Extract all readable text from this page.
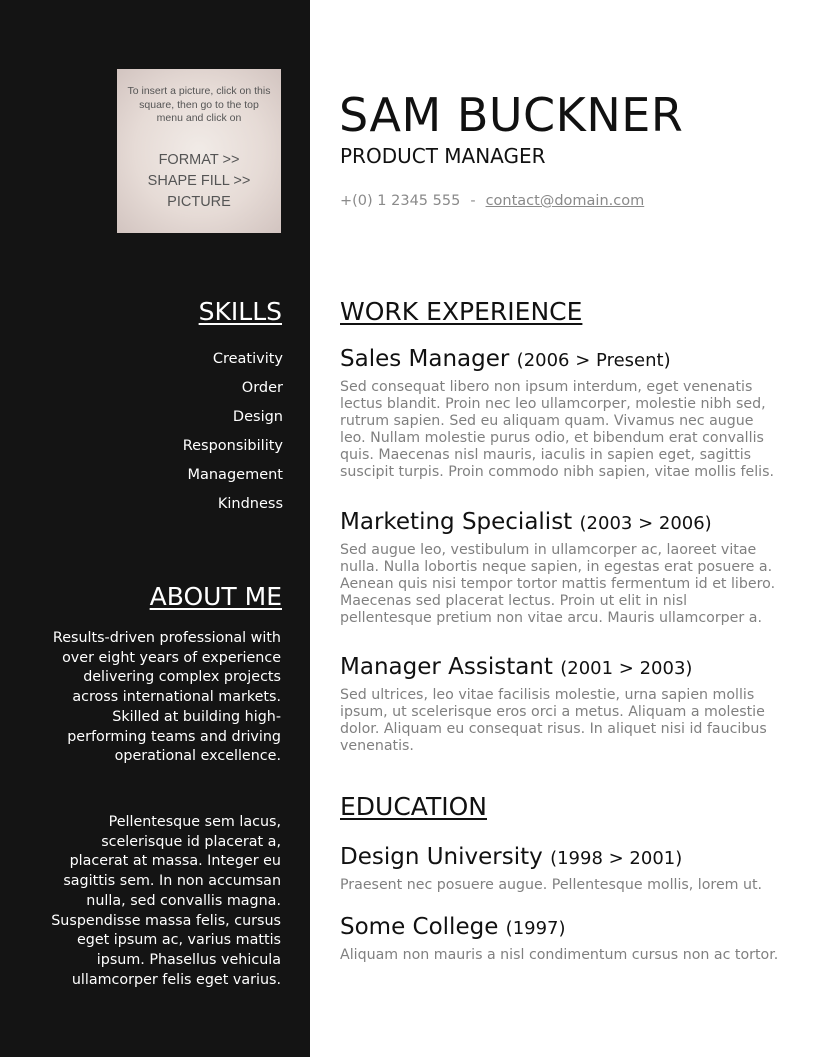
To insert a picture, click on this square, then go to the top menu and click on
FORMAT >>
SHAPE FILL >>
PICTURE
SKILLS
Creativity
Order
Design
Responsibility
Management
Kindness
ABOUT ME

Results-driven professional with over eight years of experience delivering complex projects across international markets. Skilled at building high-performing teams and driving operational excellence.

Pellentesque sem lacus, scelerisque id placerat a, placerat at massa. Integer eu sagittis sem. In non accumsan nulla, sed convallis magna. Suspendisse massa felis, cursus eget ipsum ac, varius mattis ipsum. Phasellus vehicula ullamcorper felis eget varius.

SAM BUCKNER
PRODUCT MANAGER
+(0) 1 2345 555 - contact@domain.com
WORK EXPERIENCE
Sales Manager (2006 > Present)

Sed consequat libero non ipsum interdum, eget venenatis lectus blandit. Proin nec leo ullamcorper, molestie nibh sed, rutrum sapien. Sed eu aliquam quam. Vivamus nec augue leo. Nullam molestie purus odio, et bibendum erat convallis quis. Maecenas nisl mauris, iaculis in sapien eget, sagittis suscipit turpis. Proin commodo nibh sapien, vitae mollis felis.

Marketing Specialist (2003 > 2006)

Sed augue leo, vestibulum in ullamcorper ac, laoreet vitae nulla. Nulla lobortis neque sapien, in egestas erat posuere a. Aenean quis nisi tempor tortor mattis fermentum id et libero. Maecenas sed placerat lectus. Proin ut elit in nisl pellentesque pretium non vitae arcu. Mauris ullamcorper a.

Manager Assistant (2001 > 2003)

Sed ultrices, leo vitae facilisis molestie, urna sapien mollis ipsum, ut scelerisque eros orci a metus. Aliquam a molestie dolor. Aliquam eu consequat risus. In aliquet nisi id faucibus venenatis.

EDUCATION
Design University (1998 > 2001)

Praesent nec posuere augue. Pellentesque mollis, lorem ut.

Some College (1997)

Aliquam non mauris a nisl condimentum cursus non ac tortor.
